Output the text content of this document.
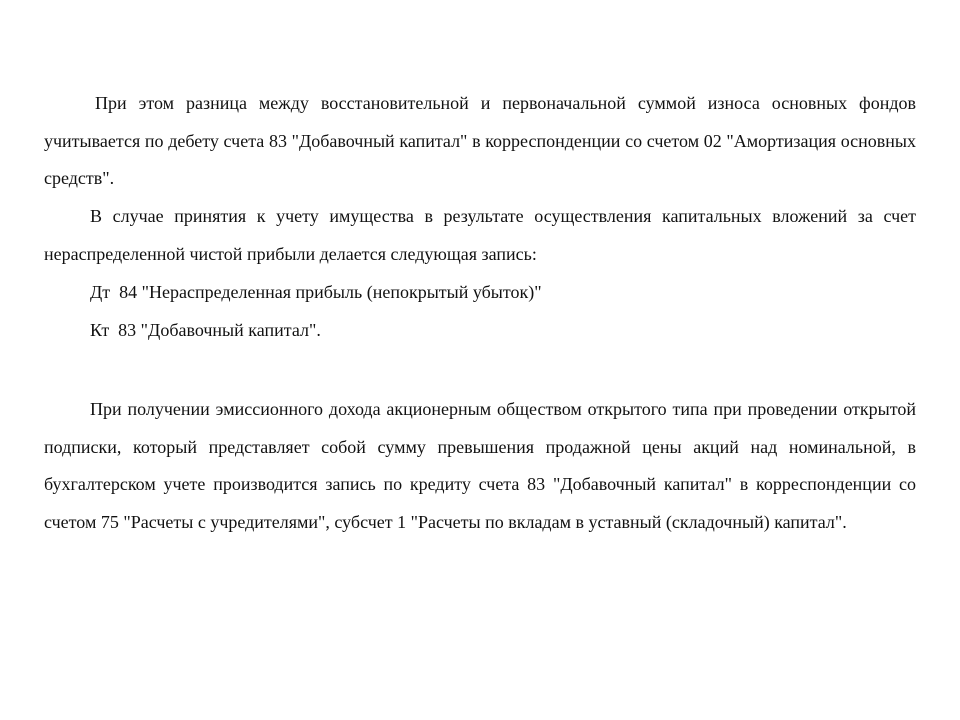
При этом разница между восстановительной и первоначальной суммой износа основных фондов учитывается по дебету счета 83 "Добавочный капитал" в корреспонденции со счетом 02 "Амортизация основных средств".

В случае принятия к учету имущества в результате осуществления капитальных вложений за счет нераспределенной чистой прибыли делается следующая запись:

Дт  84 "Нераспределенная прибыль (непокрытый убыток)"

Кт  83 "Добавочный капитал".

При получении эмиссионного дохода акционерным обществом открытого типа при проведении открытой подписки, который представляет собой сумму превышения продажной цены акций над номинальной, в бухгалтерском учете производится запись по кредиту счета 83 "Добавочный капитал" в корреспонденции со счетом 75 "Расчеты с учредителями", субсчет 1 "Расчеты по вкладам в уставный (складочный) капитал".
